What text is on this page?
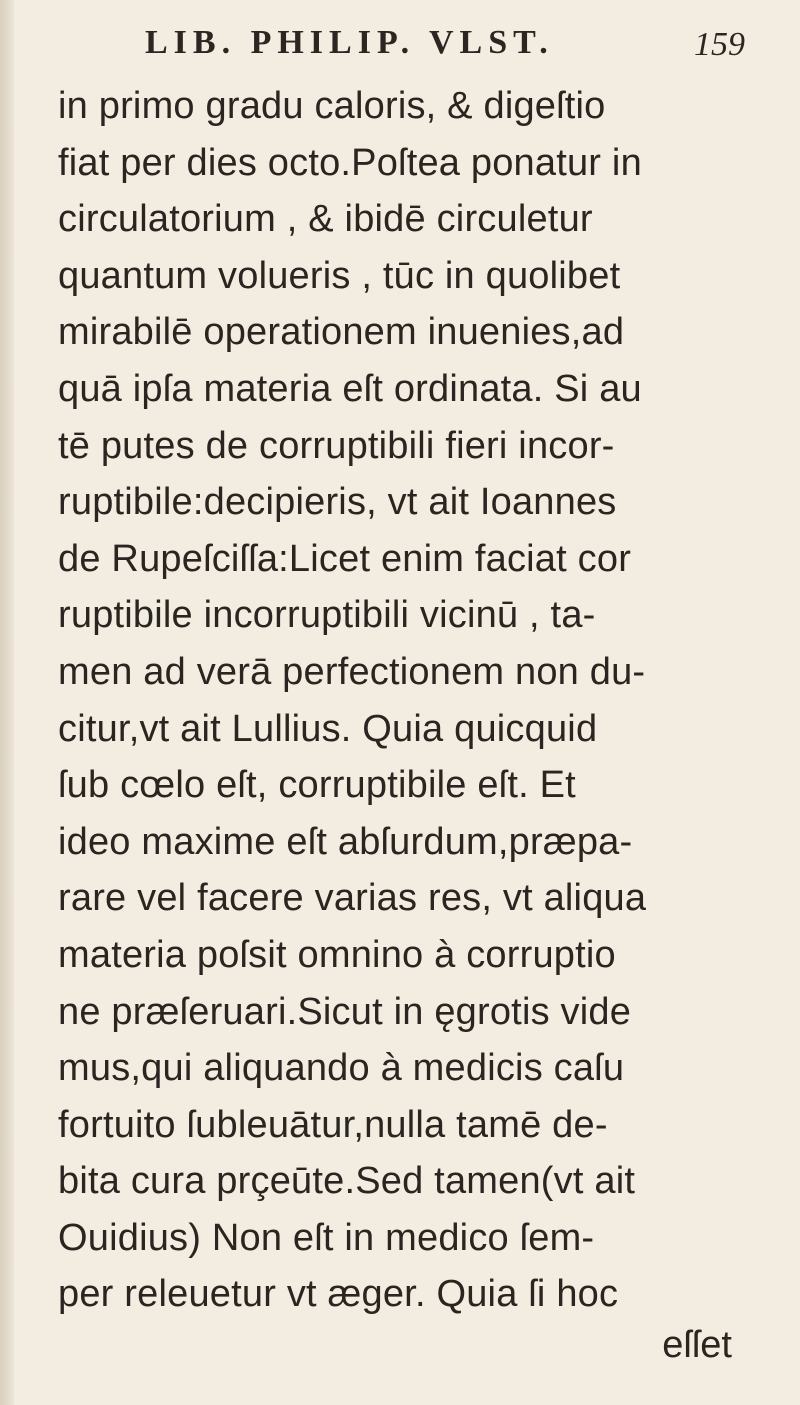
LIB. PHILIP. VLST.	159
in primo gradu caloris, & digeſtio
fiat per dies octo.Poſtea ponatur in
circulatorium , & ibidē circuletur
quantum volueris , tūc in quolibet
mirabilē operationem inuenies,ad
quā ipſa materia eſt ordinata. Si au
tē putes de corruptibili fieri incor-
ruptibile:decipieris, vt ait Ioannes
de Rupeſciſſa:Licet enim faciat cor
ruptibile incorruptibili vicinū , ta-
men ad verā perfectionem non du-
citur,vt ait Lullius. Quia quicquid
ſub cœlo eſt, corruptibile eſt. Et
ideo maxime eſt abſurdum,præpa-
rare vel facere varias res, vt aliqua
materia poſsit omnino à corruptio
ne præſeruari.Sicut in ęgrotis vide
mus,qui aliquando à medicis caſu
fortuito ſubleuātur,nulla tamē de-
bita cura prçeūte.Sed tamen(vt ait
Ouidius) Non eſt in medico ſem-
per releuetur vt æger. Quia ſi hoc
eſſet
